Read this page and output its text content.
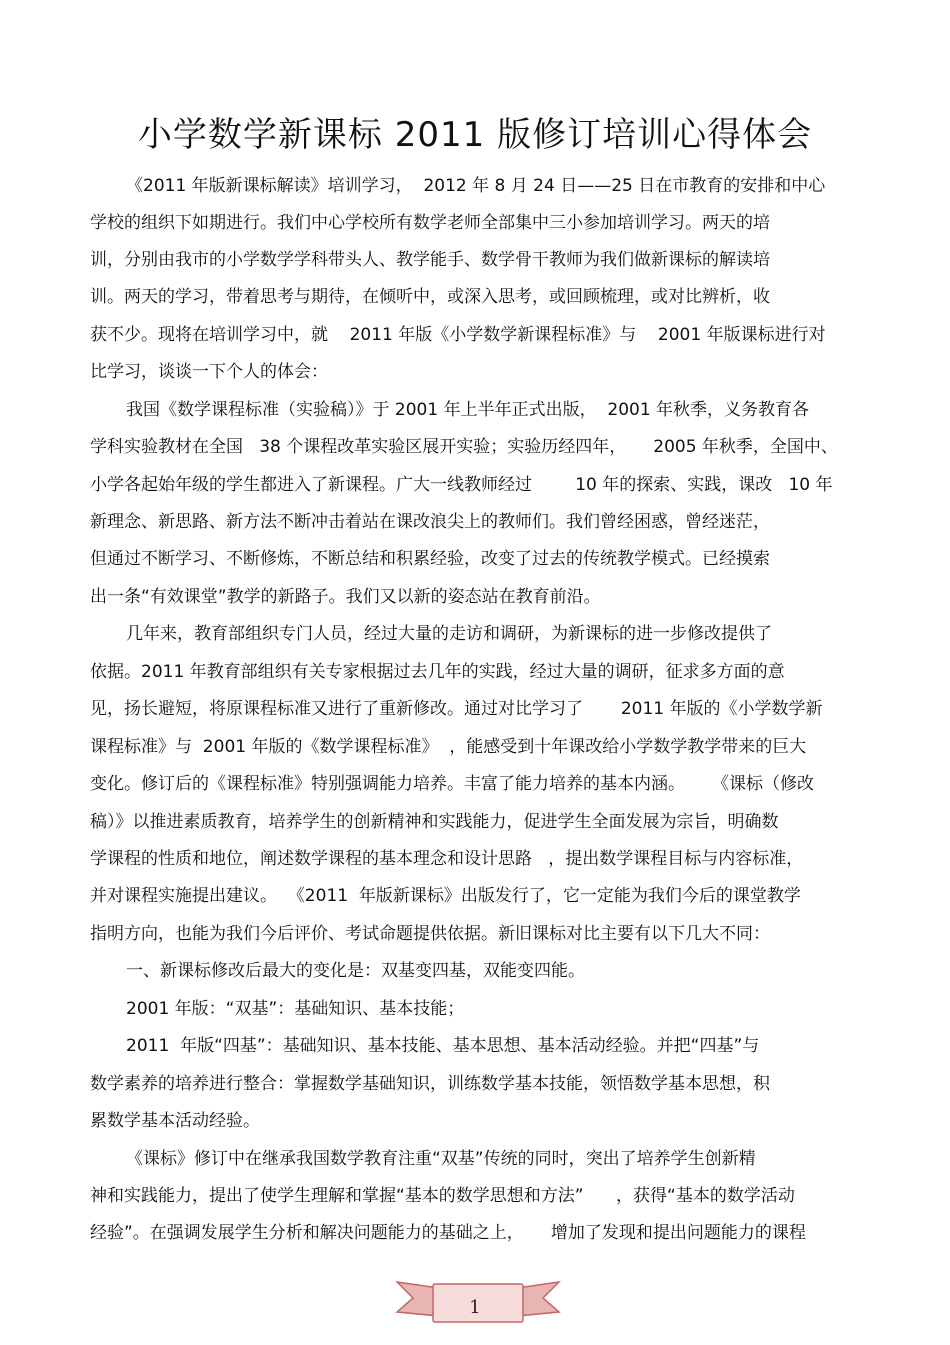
小学数学新课标 2011 版修订培训心得体会

《2011 年版新课标解读》培训学习，  2012 年 8 月 24 日——25 日在市教育的安排和中心

学校的组织下如期进行。我们中心学校所有数学老师全部集中三小参加培训学习。两天的培

训，分别由我市的小学数学学科带头人、教学能手、数学骨干教师为我们做新课标的解读培

训。两天的学习，带着思考与期待，在倾听中，或深入思考，或回顾梳理，或对比辨析，收

获不少。现将在培训学习中，就    2011 年版《小学数学新课程标准》与    2001 年版课标进行对

比学习，谈谈一下个人的体会：

我国《数学课程标准（实验稿）》于 2001 年上半年正式出版，  2001 年秋季，义务教育各

学科实验教材在全国   38 个课程改革实验区展开实验；实验历经四年，     2005 年秋季，全国中、

小学各起始年级的学生都进入了新课程。广大一线教师经过        10 年的探索、实践，课改   10 年

新理念、新思路、新方法不断冲击着站在课改浪尖上的教师们。我们曾经困惑，曾经迷茫，

但通过不断学习、不断修炼，不断总结和积累经验，改变了过去的传统教学模式。已经摸索

出一条“有效课堂”教学的新路子。我们又以新的姿态站在教育前沿。

几年来，教育部组织专门人员，经过大量的走访和调研，为新课标的进一步修改提供了

依据。2011 年教育部组织有关专家根据过去几年的实践，经过大量的调研，征求多方面的意

见，扬长避短，将原课程标准又进行了重新修改。通过对比学习了       2011 年版的《小学数学新

课程标准》与  2001 年版的《数学课程标准》  ，能感受到十年课改给小学数学教学带来的巨大

变化。修订后的《课程标准》特别强调能力培养。丰富了能力培养的基本内涵。     《课标（修改

稿）》以推进素质教育，培养学生的创新精神和实践能力，促进学生全面发展为宗旨，明确数

学课程的性质和地位，阐述数学课程的基本理念和设计思路   ，提出数学课程目标与内容标准，

并对课程实施提出建议。  《2011  年版新课标》出版发行了，它一定能为我们今后的课堂教学

指明方向，也能为我们今后评价、考试命题提供依据。新旧课标对比主要有以下几大不同：

一、新课标修改后最大的变化是：双基变四基，双能变四能。

2001 年版：“双基”：基础知识、基本技能；

2011  年版“四基”：基础知识、基本技能、基本思想、基本活动经验。并把“四基”与

数学素养的培养进行整合：掌握数学基础知识，训练数学基本技能，领悟数学基本思想，积

累数学基本活动经验。

《课标》修订中在继承我国数学教育注重“双基”传统的同时，突出了培养学生创新精

神和实践能力，提出了使学生理解和掌握“基本的数学思想和方法”      ，获得“基本的数学活动

经验”。在强调发展学生分析和解决问题能力的基础之上，     增加了发现和提出问题能力的课程

1
